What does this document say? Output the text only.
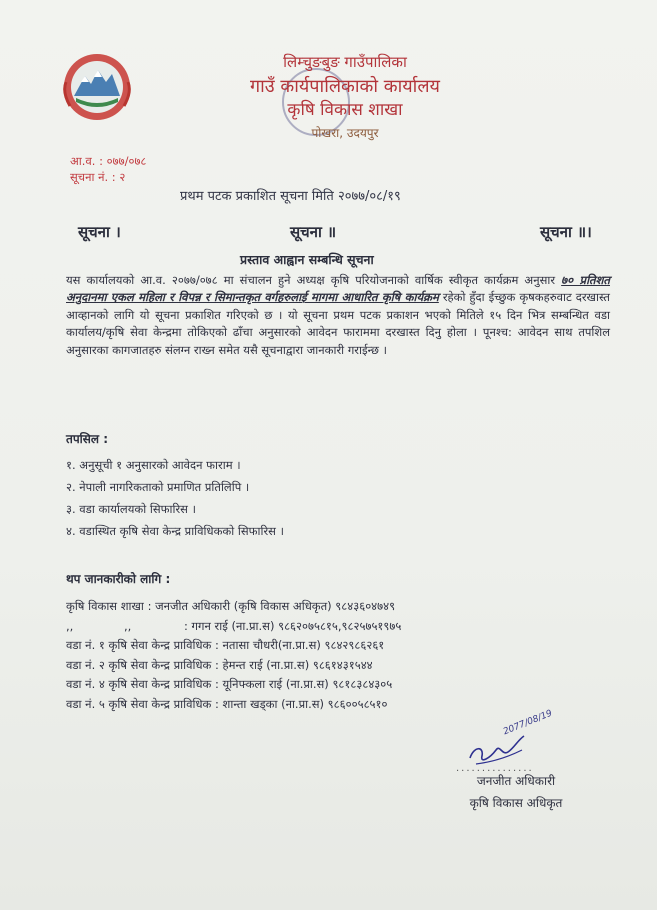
लिम्चुङबुङ गाउँपालिका
गाउँ कार्यपालिकाको कार्यालय
कृषि विकास शाखा
पोखरा, उदयपुर
आ.व. : ०७७/०७८
सूचना नं. : २
प्रथम पटक प्रकाशित सूचना मिति २०७७/०८/१९
सूचना ।	सूचना ॥	सूचना ॥।
प्रस्ताव आह्वान सम्बन्धि सूचना
यस कार्यालयको आ.व. २०७७/०७८ मा संचालन हुने अध्यक्ष कृषि परियोजनाको वार्षिक स्वीकृत कार्यक्रम अनुसार ७० प्रतिशत अनुदानमा एकल महिला र विपन्न र सिमान्तकृत वर्गहरुलाई मागमा आधारित कृषि कार्यक्रम रहेको हुँदा ईच्छुक कृषकहरुवाट दरखास्त आव्हानको लागि यो सूचना प्रकाशित गरिएको छ । यो सूचना प्रथम पटक प्रकाशन भएको मितिले १५ दिन भित्र सम्बन्धित वडा कार्यालय/कृषि सेवा केन्द्रमा तोकिएको ढाँचा अनुसारको आवेदन फाराममा दरखास्त दिनु होला । पूनश्च: आवेदन साथ तपशिल अनुसारका कागजातहरु संलग्न राख्न समेत यसै सूचनाद्वारा जानकारी गराईन्छ ।
तपसिल :
१. अनुसूची १ अनुसारको आवेदन फाराम ।
२. नेपाली नागरिकताको प्रमाणित प्रतिलिपि ।
३. वडा कार्यालयको सिफारिस ।
४. वडास्थित कृषि सेवा केन्द्र प्राविधिकको सिफारिस ।
थप जानकारीको लागि :
कृषि विकास शाखा : जनजीत अधिकारी (कृषि विकास अधिकृत) ९८४३६०४७४९
,,	,,	: गगन राई (ना.प्रा.स) ९८६२०७५८१५,९८२५७५१९७५
वडा नं. १ कृषि सेवा केन्द्र प्राविधिक : नतासा चौधरी(ना.प्रा.स) ९८४२९८६२६१
वडा नं. २ कृषि सेवा केन्द्र प्राविधिक : हेमन्त राई (ना.प्रा.स) ९८६१४३१५४४
वडा नं. ४ कृषि सेवा केन्द्र प्राविधिक : यूनिफ्कला राई (ना.प्रा.स) ९८१८३८४३०५
वडा नं. ५ कृषि सेवा केन्द्र प्राविधिक : शान्ता खड्का (ना.प्रा.स) ९८६००५८५१०
2077/08/19
...............
जनजीत अधिकारी
कृषि विकास अधिकृत
